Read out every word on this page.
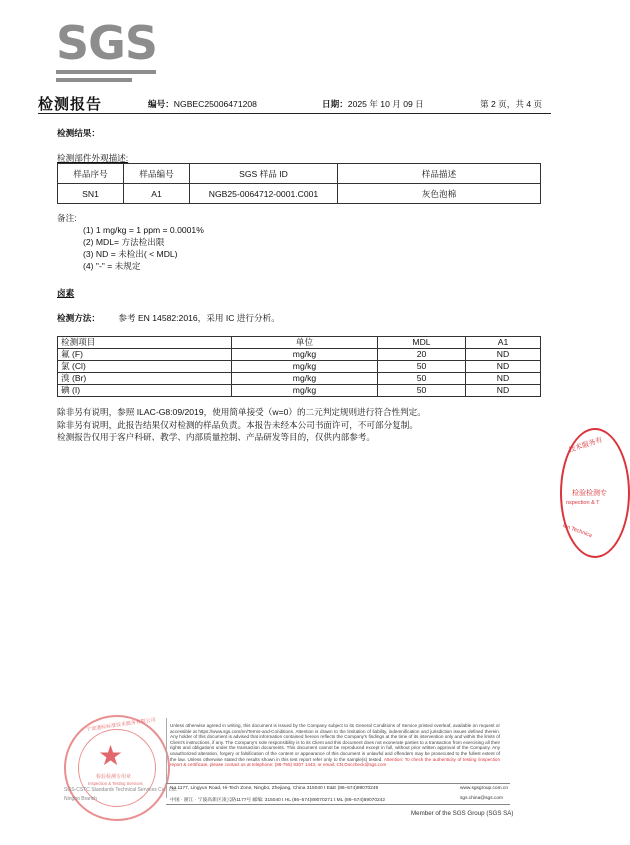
SGS
检测报告	编号：NGBEC25006471208	日期：2025 年 10 月 09 日	第 2 页，共 4 页
检测结果：
检测部件外观描述:
样品序号	样品编号	SGS 样品 ID	样品描述
SN1	A1	NGB25-0064712-0001.C001	灰色泡棉
备注:
(1) 1 mg/kg = 1 ppm = 0.0001%
(2) MDL= 方法检出限
(3) ND = 未检出( < MDL)
(4) "-" = 未规定
卤素
检测方法： 参考 EN 14582:2016，采用 IC 进行分析。
检测项目	单位	MDL	A1
氟 (F)	mg/kg	20	ND
氯 (Cl)	mg/kg	50	ND
溴 (Br)	mg/kg	50	ND
碘 (I)	mg/kg	50	ND
除非另有说明，参照 ILAC-G8:09/2019，使用简单接受（w=0）的二元判定规则进行符合性判定。
除非另有说明，此报告结果仅对检测的样品负责。本报告未经本公司书面许可，不可部分复制。
检测报告仅用于客户科研、教学、内部质量控制、产品研发等目的，仅供内部参考。	技术服务有
检验检测专
nspection & T
ion Technica
宁波通标标准技术服务有限公司
★
检验检测专用章
Inspection & Testing Services
SGS-CSTC Standards Technical Services Co., Ltd.
Ningbo Branch
Unless otherwise agreed in writing, this document is issued by the Company subject to its General Conditions of Service printed overleaf, available on request or accessible at https://www.sgs.com/en/Terms-and-Conditions. Attention is drawn to the limitation of liability, indemnification and jurisdiction issues defined therein. Any holder of this document is advised that information contained hereon reflects the Company's findings at the time of its intervention only and within the limits of Client's instructions, if any. The Company's sole responsibility is to its Client and this document does not exonerate parties to a transaction from exercising all their rights and obligations under the transaction documents. This document cannot be reproduced except in full, without prior written approval of the Company. Any unauthorized alteration, forgery or falsification of the content or appearance of this document is unlawful and offenders may be prosecuted to the fullest extent of the law. Unless otherwise stated the results shown in this test report refer only to the sample(s) tested. Attention: To check the authenticity of testing /inspection report & certificate, please contact us at telephone: (86-755) 8307 1443, or email: CN.Doccheck@sgs.com
No.1177, Lingyun Road, Hi-Tech Zone, Ningbo, Zhejiang, China 315040 t E&E (86–574)89070249	www.sgsgroup.com.cn
中国 · 浙江 · 宁波高新区凌云路1177号 邮编: 315040 t HL (86–574)89070271 t ML (86–574)89070242	sgs.china@sgs.com
Member of the SGS Group (SGS SA)
